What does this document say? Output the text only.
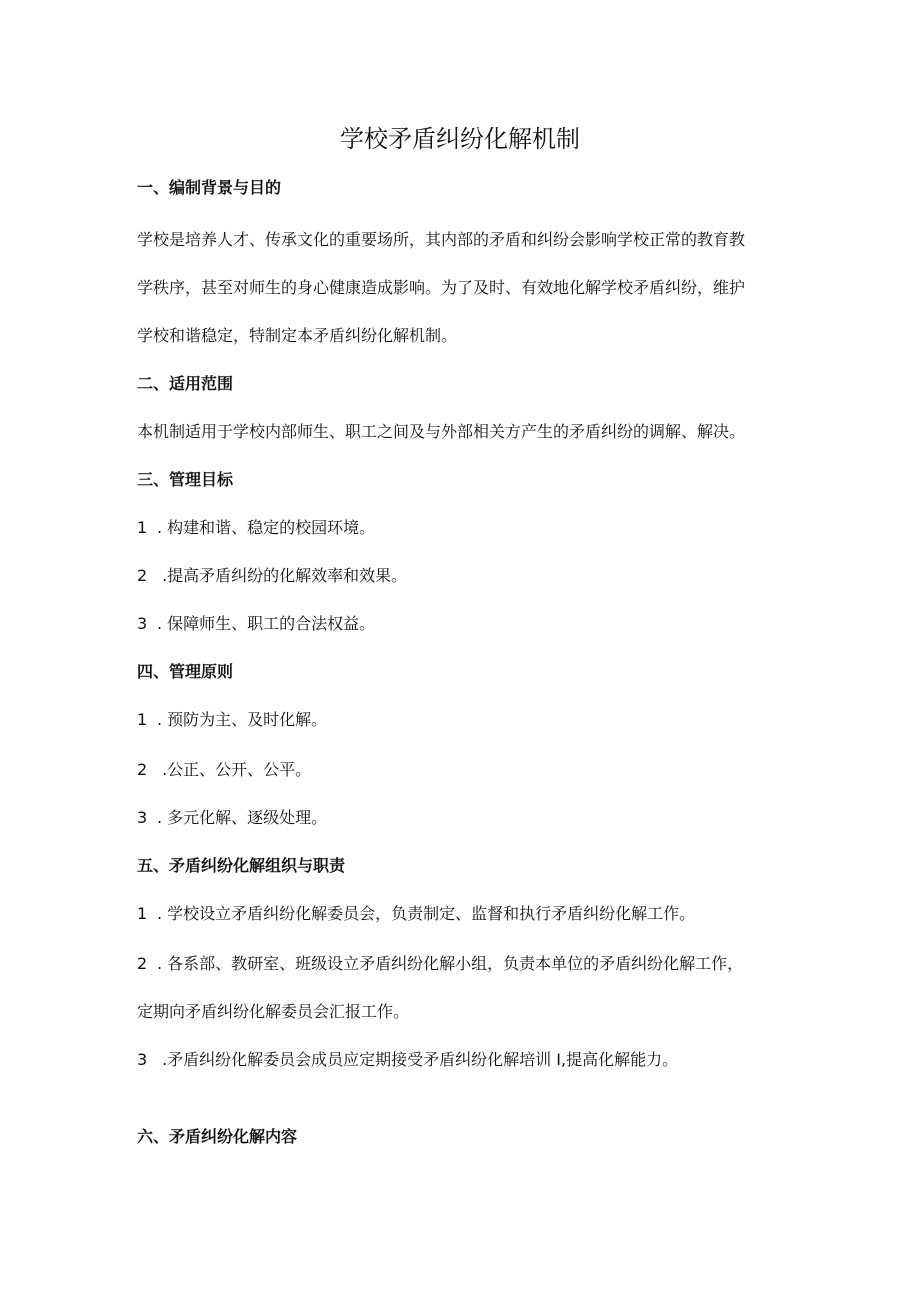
学校矛盾纠纷化解机制
一、编制背景与目的
学校是培养人才、传承文化的重要场所，其内部的矛盾和纠纷会影响学校正常的教育教
学秩序，甚至对师生的身心健康造成影响。为了及时、有效地化解学校矛盾纠纷，维护
学校和谐稳定，特制定本矛盾纠纷化解机制。
二、适用范围
本机制适用于学校内部师生、职工之间及与外部相关方产生的矛盾纠纷的调解、解决。
三、管理目标
1 . 构建和谐、稳定的校园环境。
2 .提高矛盾纠纷的化解效率和效果。
3 . 保障师生、职工的合法权益。
四、管理原则
1 . 预防为主、及时化解。
2 .公正、公开、公平。
3 . 多元化解、逐级处理。
五、矛盾纠纷化解组织与职责
1 . 学校设立矛盾纠纷化解委员会，负责制定、监督和执行矛盾纠纷化解工作。
2 . 各系部、教研室、班级设立矛盾纠纷化解小组，负责本单位的矛盾纠纷化解工作，
定期向矛盾纠纷化解委员会汇报工作。
3 .矛盾纠纷化解委员会成员应定期接受矛盾纠纷化解培训 I,提高化解能力。
六、矛盾纠纷化解内容
